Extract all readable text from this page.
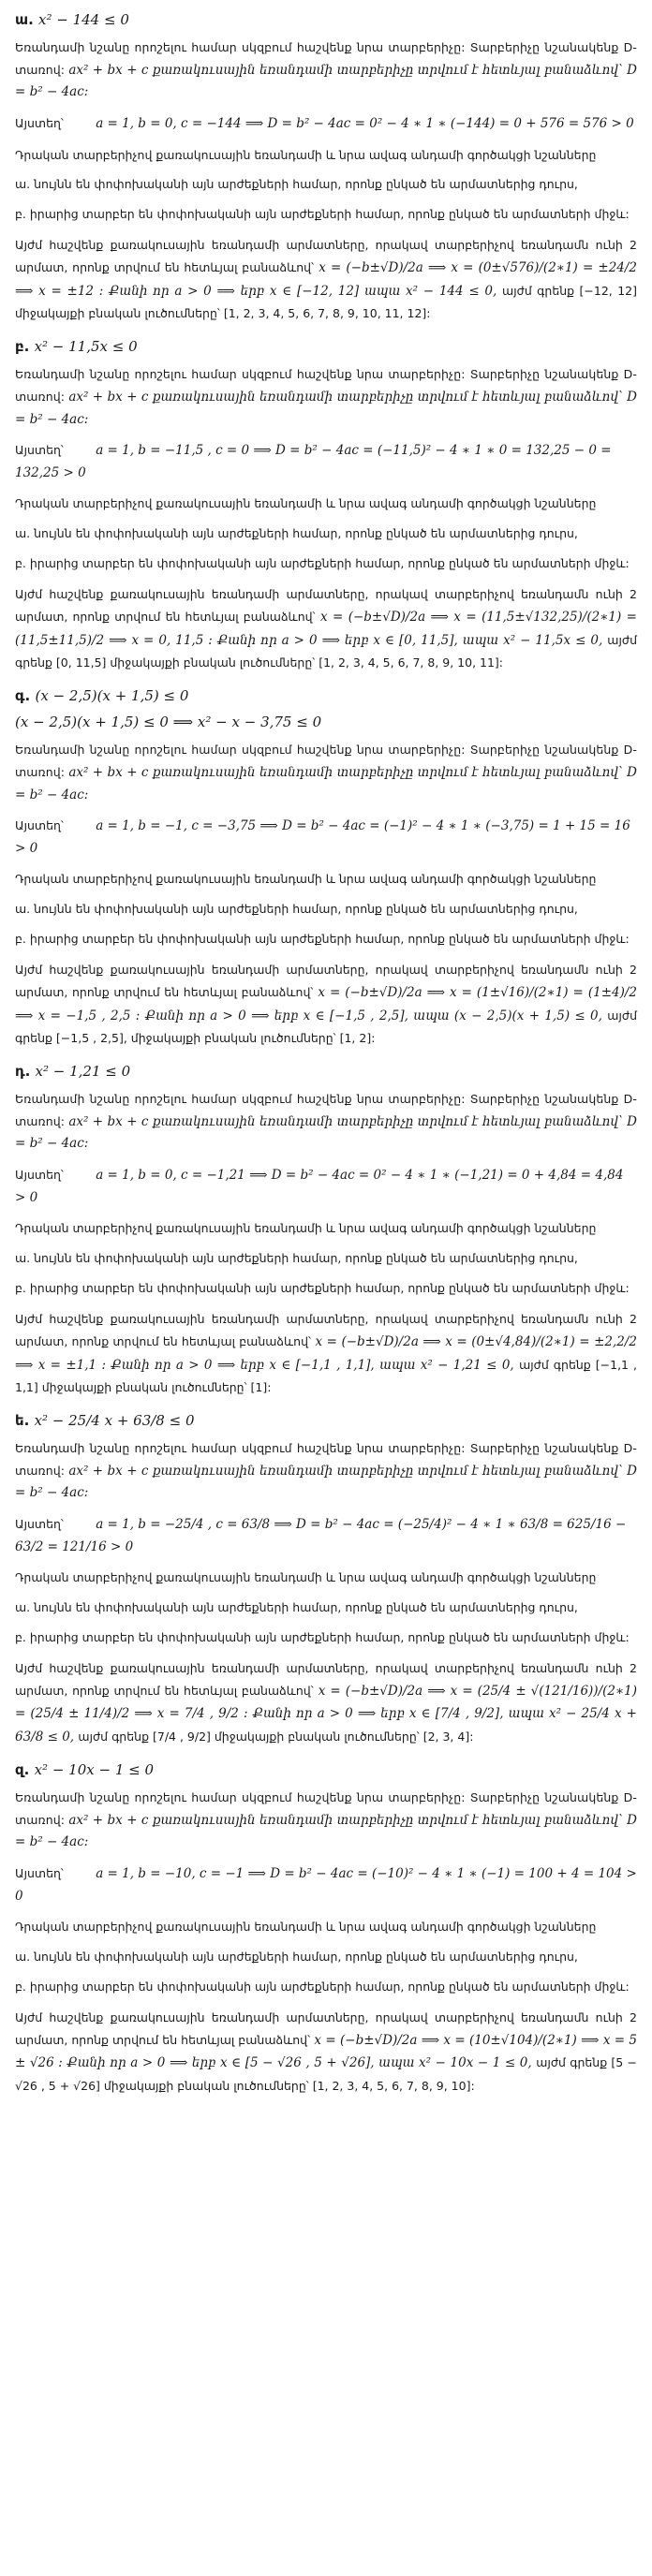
ա. x² − 144 ≤ 0

Եռանդամի նշանը որոշելու համար սկզբում հաշվենք նրա տարբերիչը: Տարբերիչը նշանակենք D-տառով: ax² + bx + c քառակուսային եռանդամի տարբերիչը տրվում է հետևյալ բանաձևով՝ D = b² − 4ac:

Այստեղ՝	a = 1, b = 0, c = −144 ⟹ D = b² − 4ac = 0² − 4 ∗ 1 ∗ (−144) = 0 + 576 = 576 > 0

Դրական տարբերիչով քառակուսային եռանդամի և նրա ավագ անդամի գործակցի նշանները

ա. նույնն են փոփոխականի այն արժեքների համար, որոնք ընկած են արմատներից դուրս,

բ. իրարից տարբեր են փոփոխականի այն արժեքների համար, որոնք ընկած են արմատների միջև:

Այժմ հաշվենք քառակուսային եռանդամի արմատները, որակավ տարբերիչով եռանդամն ունի 2 արմատ, որոնք տրվում են հետևյալ բանաձևով՝ x = (−b±√D)/2a ⟹ x = (0±√576)/(2∗1) = ±24/2 ⟹ x = ±12 : Քանի որ a > 0 ⟹ երբ x ∈ [−12, 12] ապա x² − 144 ≤ 0, այժմ գրենք [−12, 12] միջակայքի բնական լուծումները՝ [1, 2, 3, 4, 5, 6, 7, 8, 9, 10, 11, 12]:

բ. x² − 11,5x ≤ 0

Եռանդամի նշանը որոշելու համար սկզբում հաշվենք նրա տարբերիչը: Տարբերիչը նշանակենք D-տառով: ax² + bx + c քառակուսային եռանդամի տարբերիչը տրվում է հետևյալ բանաձևով՝ D = b² − 4ac:

Այստեղ՝	a = 1, b = −11,5 , c = 0 ⟹ D = b² − 4ac = (−11,5)² − 4 ∗ 1 ∗ 0 = 132,25 − 0 = 132,25 > 0

Դրական տարբերիչով քառակուսային եռանդամի և նրա ավագ անդամի գործակցի նշանները

ա. նույնն են փոփոխականի այն արժեքների համար, որոնք ընկած են արմատներից դուրս,

բ. իրարից տարբեր են փոփոխականի այն արժեքների համար, որոնք ընկած են արմատների միջև:

Այժմ հաշվենք քառակուսային եռանդամի արմատները, որակավ տարբերիչով եռանդամն ունի 2 արմատ, որոնք տրվում են հետևյալ բանաձևով՝ x = (−b±√D)/2a ⟹ x = (11,5±√132,25)/(2∗1) = (11,5±11,5)/2 ⟹ x = 0, 11,5 : Քանի որ a > 0 ⟹ երբ x ∈ [0, 11,5], ապա x² − 11,5x ≤ 0, այժմ գրենք [0, 11,5] միջակայքի բնական լուծումները՝ [1, 2, 3, 4, 5, 6, 7, 8, 9, 10, 11]:

գ. (x − 2,5)(x + 1,5) ≤ 0
(x − 2,5)(x + 1,5) ≤ 0 ⟹ x² − x − 3,75 ≤ 0

Եռանդամի նշանը որոշելու համար սկզբում հաշվենք նրա տարբերիչը: Տարբերիչը նշանակենք D-տառով: ax² + bx + c քառակուսային եռանդամի տարբերիչը տրվում է հետևյալ բանաձևով՝ D = b² − 4ac:

Այստեղ՝	a = 1, b = −1, c = −3,75 ⟹ D = b² − 4ac = (−1)² − 4 ∗ 1 ∗ (−3,75) = 1 + 15 = 16 > 0

Դրական տարբերիչով քառակուսային եռանդամի և նրա ավագ անդամի գործակցի նշանները

ա. նույնն են փոփոխականի այն արժեքների համար, որոնք ընկած են արմատներից դուրս,

բ. իրարից տարբեր են փոփոխականի այն արժեքների համար, որոնք ընկած են արմատների միջև:

Այժմ հաշվենք քառակուսային եռանդամի արմատները, որակավ տարբերիչով եռանդամն ունի 2 արմատ, որոնք տրվում են հետևյալ բանաձևով՝ x = (−b±√D)/2a ⟹ x = (1±√16)/(2∗1) = (1±4)/2 ⟹ x = −1,5 , 2,5 : Քանի որ a > 0 ⟹ երբ x ∈ [−1,5 , 2,5], ապա (x − 2,5)(x + 1,5) ≤ 0, այժմ գրենք [−1,5 , 2,5], միջակայքի բնական լուծումները՝ [1, 2]:

դ. x² − 1,21 ≤ 0

Եռանդամի նշանը որոշելու համար սկզբում հաշվենք նրա տարբերիչը: Տարբերիչը նշանակենք D-տառով: ax² + bx + c քառակուսային եռանդամի տարբերիչը տրվում է հետևյալ բանաձևով՝ D = b² − 4ac:

Այստեղ՝	a = 1, b = 0, c = −1,21 ⟹ D = b² − 4ac = 0² − 4 ∗ 1 ∗ (−1,21) = 0 + 4,84 = 4,84 > 0

Դրական տարբերիչով քառակուսային եռանդամի և նրա ավագ անդամի գործակցի նշանները

ա. նույնն են փոփոխականի այն արժեքների համար, որոնք ընկած են արմատներից դուրս,

բ. իրարից տարբեր են փոփոխականի այն արժեքների համար, որոնք ընկած են արմատների միջև:

Այժմ հաշվենք քառակուսային եռանդամի արմատները, որակավ տարբերիչով եռանդամն ունի 2 արմատ, որոնք տրվում են հետևյալ բանաձևով՝ x = (−b±√D)/2a ⟹ x = (0±√4,84)/(2∗1) = ±2,2/2 ⟹ x = ±1,1 : Քանի որ a > 0 ⟹ երբ x ∈ [−1,1 , 1,1], ապա x² − 1,21 ≤ 0, այժմ գրենք [−1,1 , 1,1] միջակայքի բնական լուծումները՝ [1]:

ե. x² − 25/4 x + 63/8 ≤ 0

Եռանդամի նշանը որոշելու համար սկզբում հաշվենք նրա տարբերիչը: Տարբերիչը նշանակենք D-տառով: ax² + bx + c քառակուսային եռանդամի տարբերիչը տրվում է հետևյալ բանաձևով՝ D = b² − 4ac:

Այստեղ՝	a = 1, b = −25/4 , c = 63/8 ⟹ D = b² − 4ac = (−25/4)² − 4 ∗ 1 ∗ 63/8 = 625/16 − 63/2 = 121/16 > 0

Դրական տարբերիչով քառակուսային եռանդամի և նրա ավագ անդամի գործակցի նշանները

ա. նույնն են փոփոխականի այն արժեքների համար, որոնք ընկած են արմատներից դուրս,

բ. իրարից տարբեր են փոփոխականի այն արժեքների համար, որոնք ընկած են արմատների միջև:

Այժմ հաշվենք քառակուսային եռանդամի արմատները, որակավ տարբերիչով եռանդամն ունի 2 արմատ, որոնք տրվում են հետևյալ բանաձևով՝ x = (−b±√D)/2a ⟹ x = (25/4 ± √(121/16))/(2∗1) = (25/4 ± 11/4)/2 ⟹ x = 7/4 , 9/2 : Քանի որ a > 0 ⟹ երբ x ∈ [7/4 , 9/2], ապա x² − 25/4 x + 63/8 ≤ 0, այժմ գրենք [7/4 , 9/2] միջակայքի բնական լուծումները՝ [2, 3, 4]:

զ. x² − 10x − 1 ≤ 0

Եռանդամի նշանը որոշելու համար սկզբում հաշվենք նրա տարբերիչը: Տարբերիչը նշանակենք D-տառով: ax² + bx + c քառակուսային եռանդամի տարբերիչը տրվում է հետևյալ բանաձևով՝ D = b² − 4ac:

Այստեղ՝	a = 1, b = −10, c = −1 ⟹ D = b² − 4ac = (−10)² − 4 ∗ 1 ∗ (−1) = 100 + 4 = 104 > 0

Դրական տարբերիչով քառակուսային եռանդամի և նրա ավագ անդամի գործակցի նշանները

ա. նույնն են փոփոխականի այն արժեքների համար, որոնք ընկած են արմատներից դուրս,

բ. իրարից տարբեր են փոփոխականի այն արժեքների համար, որոնք ընկած են արմատների միջև:

Այժմ հաշվենք քառակուսային եռանդամի արմատները, որակավ տարբերիչով եռանդամն ունի 2 արմատ, որոնք տրվում են հետևյալ բանաձևով՝ x = (−b±√D)/2a ⟹ x = (10±√104)/(2∗1) ⟹ x = 5 ± √26 : Քանի որ a > 0 ⟹ երբ x ∈ [5 − √26 , 5 + √26], ապա x² − 10x − 1 ≤ 0, այժմ գրենք [5 − √26 , 5 + √26] միջակայքի բնական լուծումները՝ [1, 2, 3, 4, 5, 6, 7, 8, 9, 10]:
